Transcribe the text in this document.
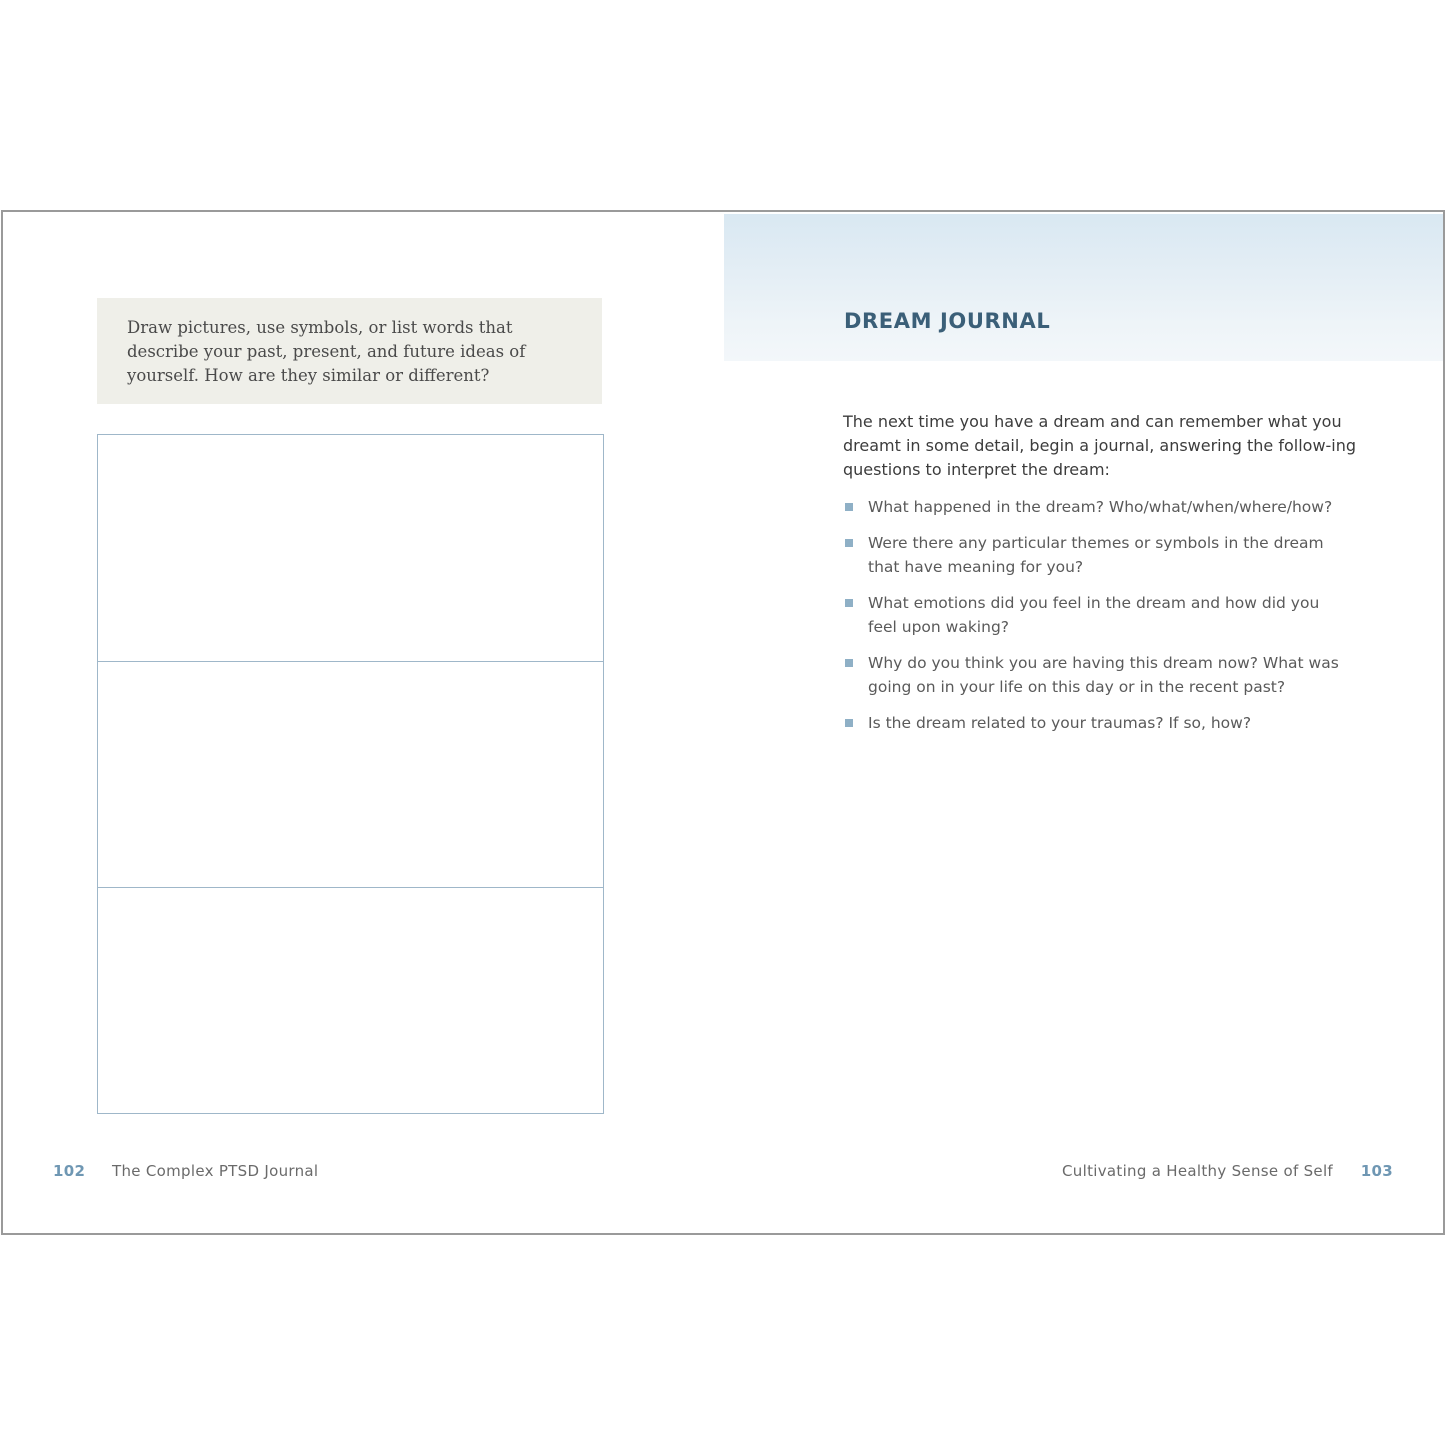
Draw pictures, use symbols, or list words that describe your past, present, and future ideas of yourself. How are they similar or different?

DREAM JOURNAL

The next time you have a dream and can remember what you dreamt in some detail, begin a journal, answering the follow-ing questions to interpret the dream:

What happened in the dream? Who/what/when/where/how?
Were there any particular themes or symbols in the dream that have meaning for you?
What emotions did you feel in the dream and how did you feel upon waking?
Why do you think you are having this dream now? What was going on in your life on this day or in the recent past?
Is the dream related to your traumas? If so, how?
102 The Complex PTSD Journal	Cultivating a Healthy Sense of Self 103
